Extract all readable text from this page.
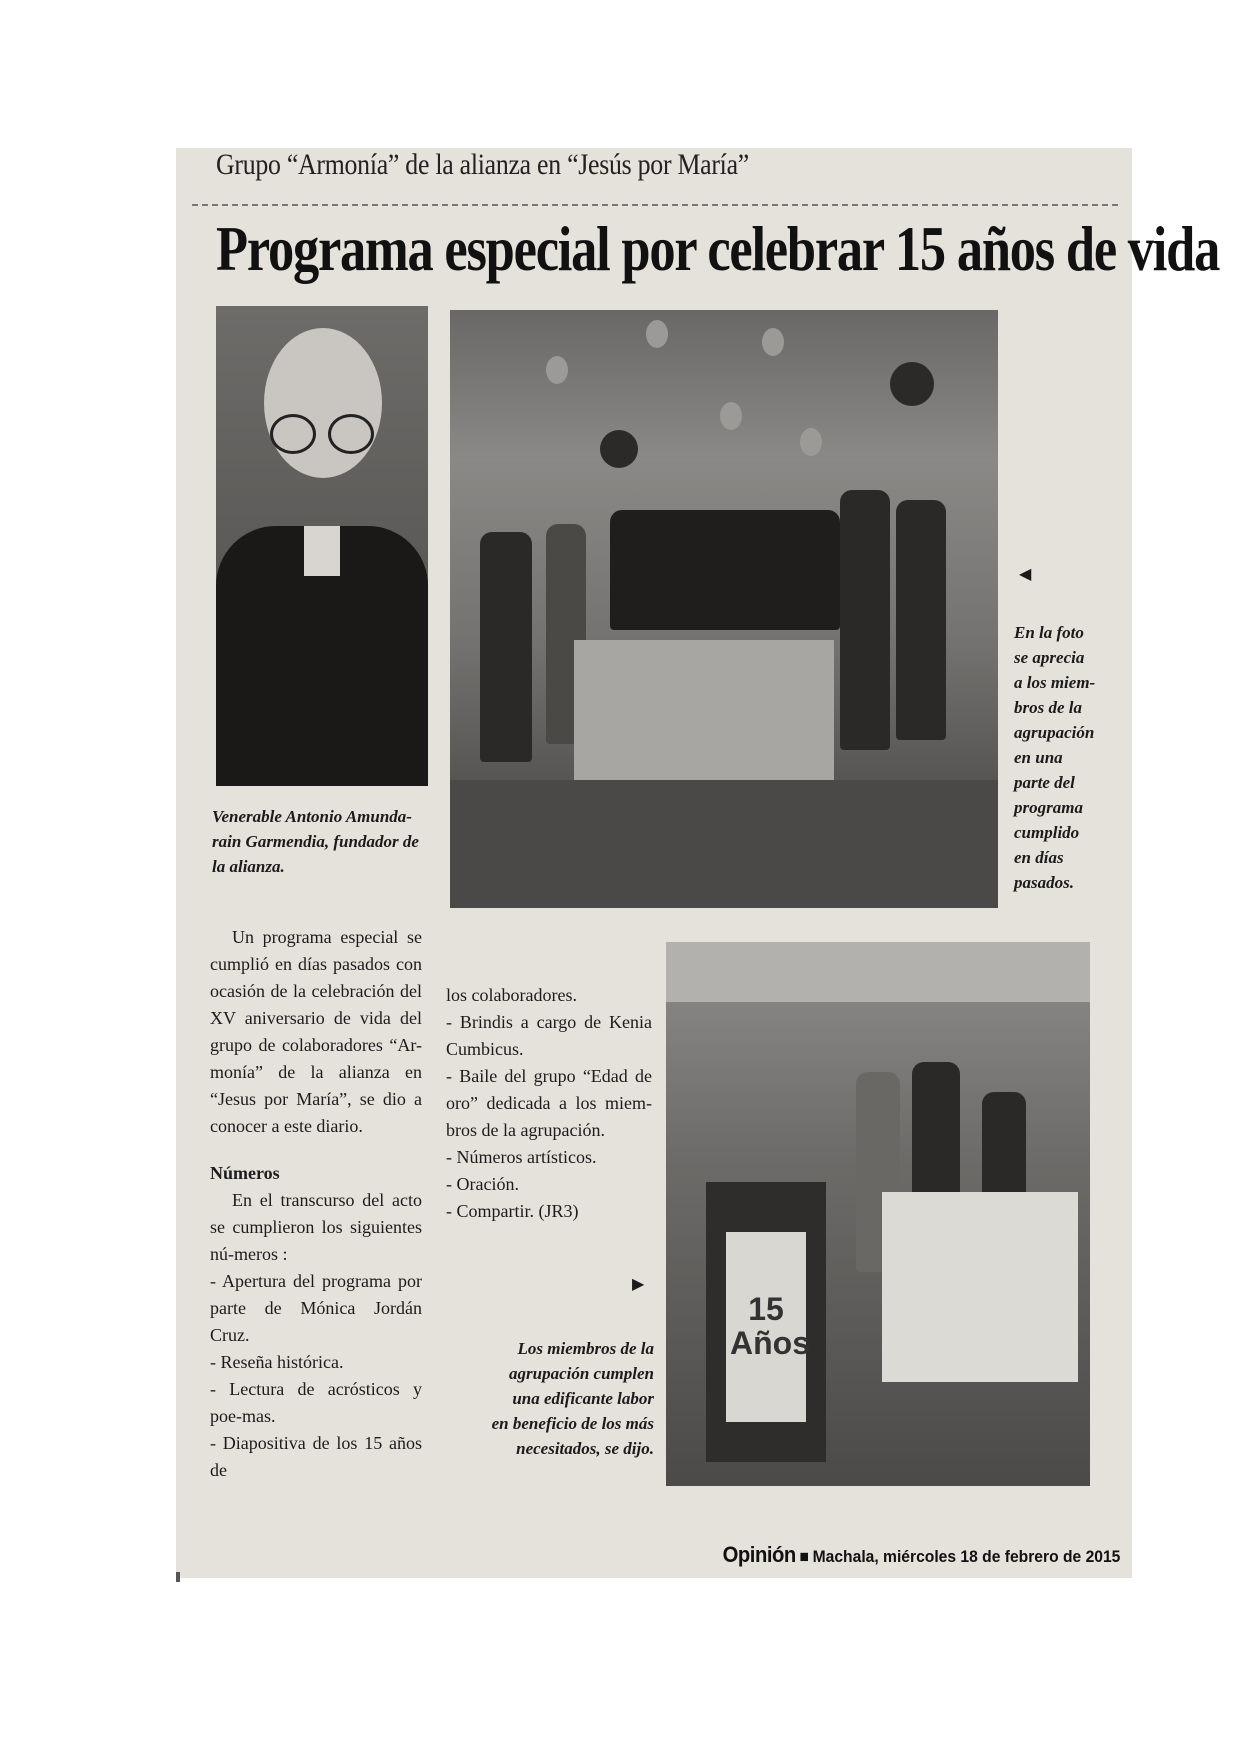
Grupo “Armonía” de la alianza en “Jesús por María”
Programa especial por celebrar 15 años de vida
Venerable Antonio Amunda-
rain Garmendia, fundador de
la alianza.
◀
En la foto
se aprecia
a los miem-
bros de la
agrupación
en una
parte del
programa
cumplido
en días
pasados.
Un programa especial se cumplió en días pasados con ocasión de la celebración del XV aniversario de vida del grupo de colaboradores “Ar-monía” de la alianza en “Jesus por María”, se dio a conocer a este diario.
Números
En el transcurso del acto se cumplieron los siguientes nú-meros :
- Apertura del programa por parte de Mónica Jordán Cruz.
- Reseña histórica.
- Lectura de acrósticos y poe-mas.
- Diapositiva de los 15 años de
los colaboradores.
- Brindis a cargo de Kenia Cumbicus.
- Baile del grupo “Edad de oro” dedicada a los miem-bros de la agrupación.
- Números artísticos.
- Oración.
- Compartir. (JR3)
▶
Los miembros de la
agrupación cumplen
una edificante labor
en beneficio de los más
necesitados, se dijo.
15 Años
Opinión ■ Machala, miércoles 18 de febrero de 2015
